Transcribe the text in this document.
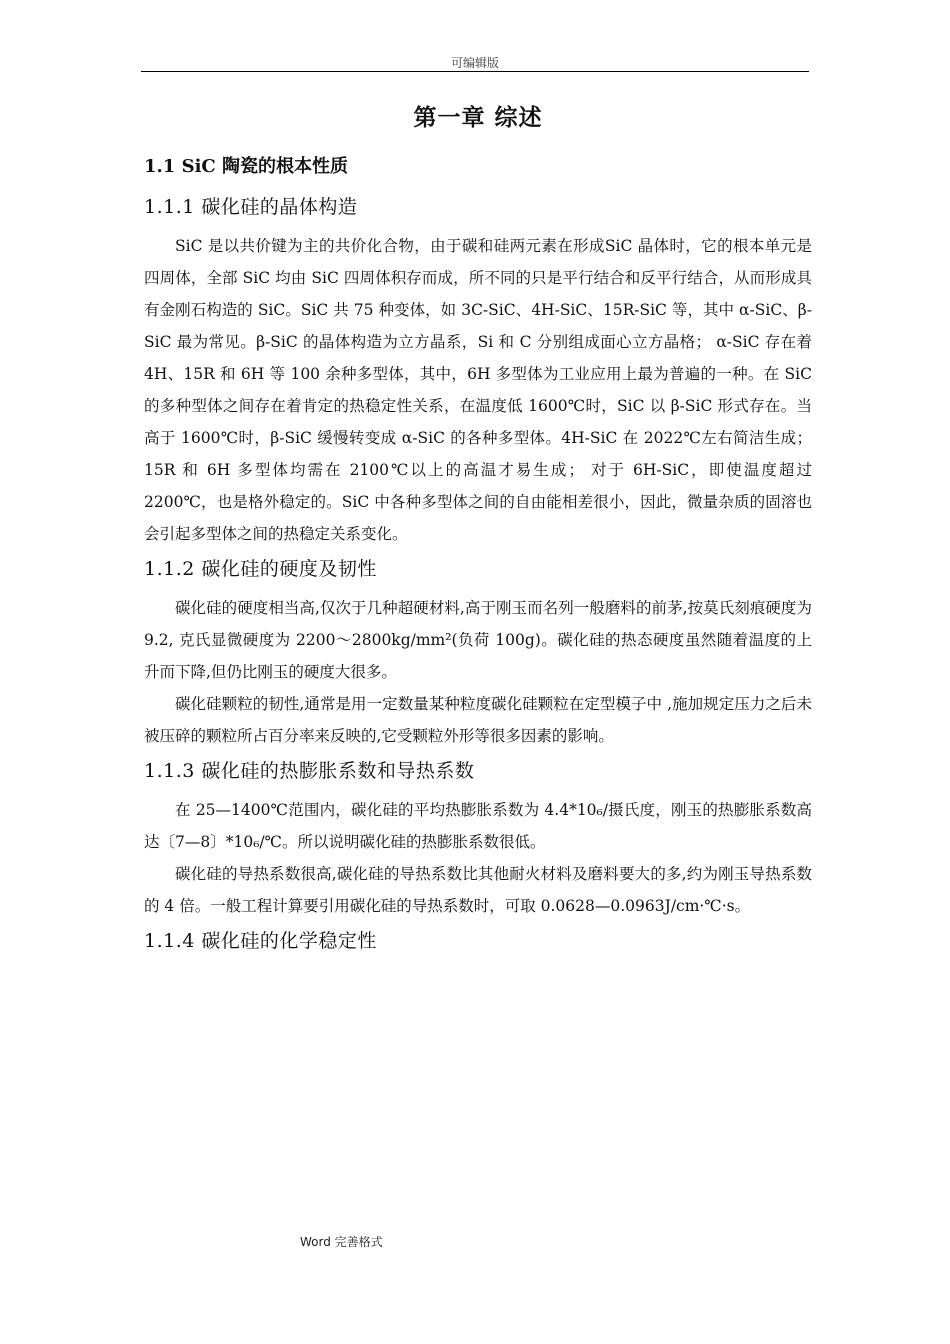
可编辑版
第一章 综述
1.1 SiC 陶瓷的根本性质
1.1.1 碳化硅的晶体构造

SiC 是以共价键为主的共价化合物，由于碳和硅两元素在形成SiC 晶体时，它的根本单元是四周体，全部 SiC 均由 SiC 四周体积存而成，所不同的只是平行结合和反平行结合，从而形成具有金刚石构造的 SiC。SiC 共 75 种变体，如 3C-SiC、4H-SiC、15R-SiC 等，其中 α-SiC、β-SiC 最为常见。β-SiC 的晶体构造为立方晶系，Si 和 C 分别组成面心立方晶格； α-SiC 存在着 4H、15R 和 6H 等 100 余种多型体，其中，6H 多型体为工业应用上最为普遍的一种。在 SiC 的多种型体之间存在着肯定的热稳定性关系，在温度低 1600℃时，SiC 以 β-SiC 形式存在。当高于 1600℃时，β-SiC 缓慢转变成 α-SiC 的各种多型体。4H-SiC 在 2022℃左右简洁生成；15R 和 6H 多型体均需在 2100℃以上的高温才易生成； 对于 6H-SiC，即使温度超过 2200℃，也是格外稳定的。SiC 中各种多型体之间的自由能相差很小，因此，微量杂质的固溶也会引起多型体之间的热稳定关系变化。

1.1.2 碳化硅的硬度及韧性

碳化硅的硬度相当高,仅次于几种超硬材料,高于刚玉而名列一般磨料的前茅,按莫氏刻痕硬度为 9.2, 克氏显微硬度为 2200～2800kg/mm²(负荷 100g)。碳化硅的热态硬度虽然随着温度的上升而下降,但仍比刚玉的硬度大很多。

碳化硅颗粒的韧性,通常是用一定数量某种粒度碳化硅颗粒在定型模子中 ,施加规定压力之后未被压碎的颗粒所占百分率来反映的,它受颗粒外形等很多因素的影响。

1.1.3 碳化硅的热膨胀系数和导热系数

在 25—1400℃范围内，碳化硅的平均热膨胀系数为 4.4*10₆/摄氏度，刚玉的热膨胀系数高达〔7—8〕*10₆/℃。所以说明碳化硅的热膨胀系数很低。

碳化硅的导热系数很高,碳化硅的导热系数比其他耐火材料及磨料要大的多,约为刚玉导热系数的 4 倍。一般工程计算要引用碳化硅的导热系数时，可取 0.0628—0.0963J/cm·℃·s。

1.1.4 碳化硅的化学稳定性
Word 完善格式
